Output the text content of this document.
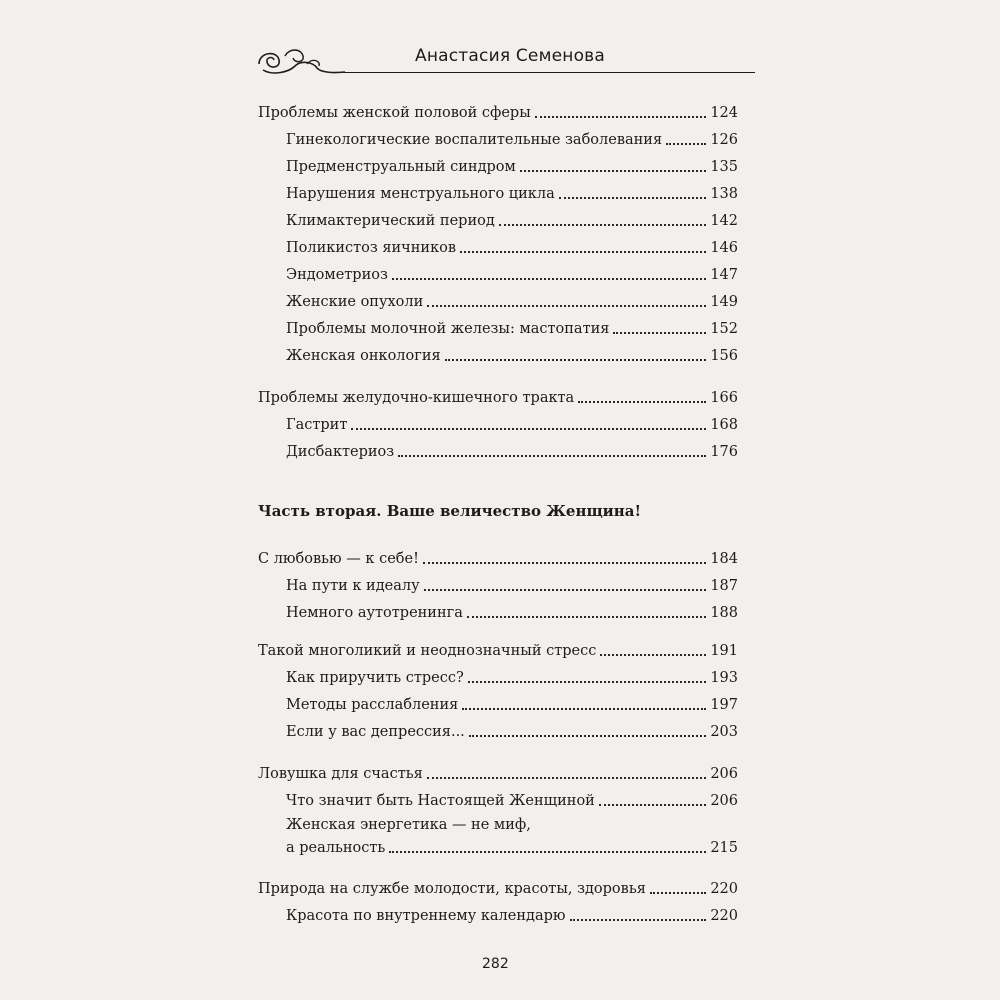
Анастасия Семенова
Проблемы женской половой сферы	124
Гинекологические воспалительные заболевания	126
Предменструальный синдром	135
Нарушения менструального цикла	138
Климактерический период	142
Поликистоз яичников	146
Эндометриоз	147
Женские опухоли	149
Проблемы молочной железы: мастопатия	152
Женская онкология	156
Проблемы желудочно-кишечного тракта	166
Гастрит	168
Дисбактериоз	176
Часть вторая. Ваше величество Женщина!
С любовью — к себе!	184
На пути к идеалу	187
Немного аутотренинга	188
Такой многоликий и неоднозначный стресс	191
Как приручить стресс?	193
Методы расслабления	197
Если у вас депрессия...	203
Ловушка для счастья	206
Что значит быть Настоящей Женщиной	206
Женская энергетика — не миф,
а реальность	215
Природа на службе молодости, красоты, здоровья	220
Красота по внутреннему календарю	220
282
